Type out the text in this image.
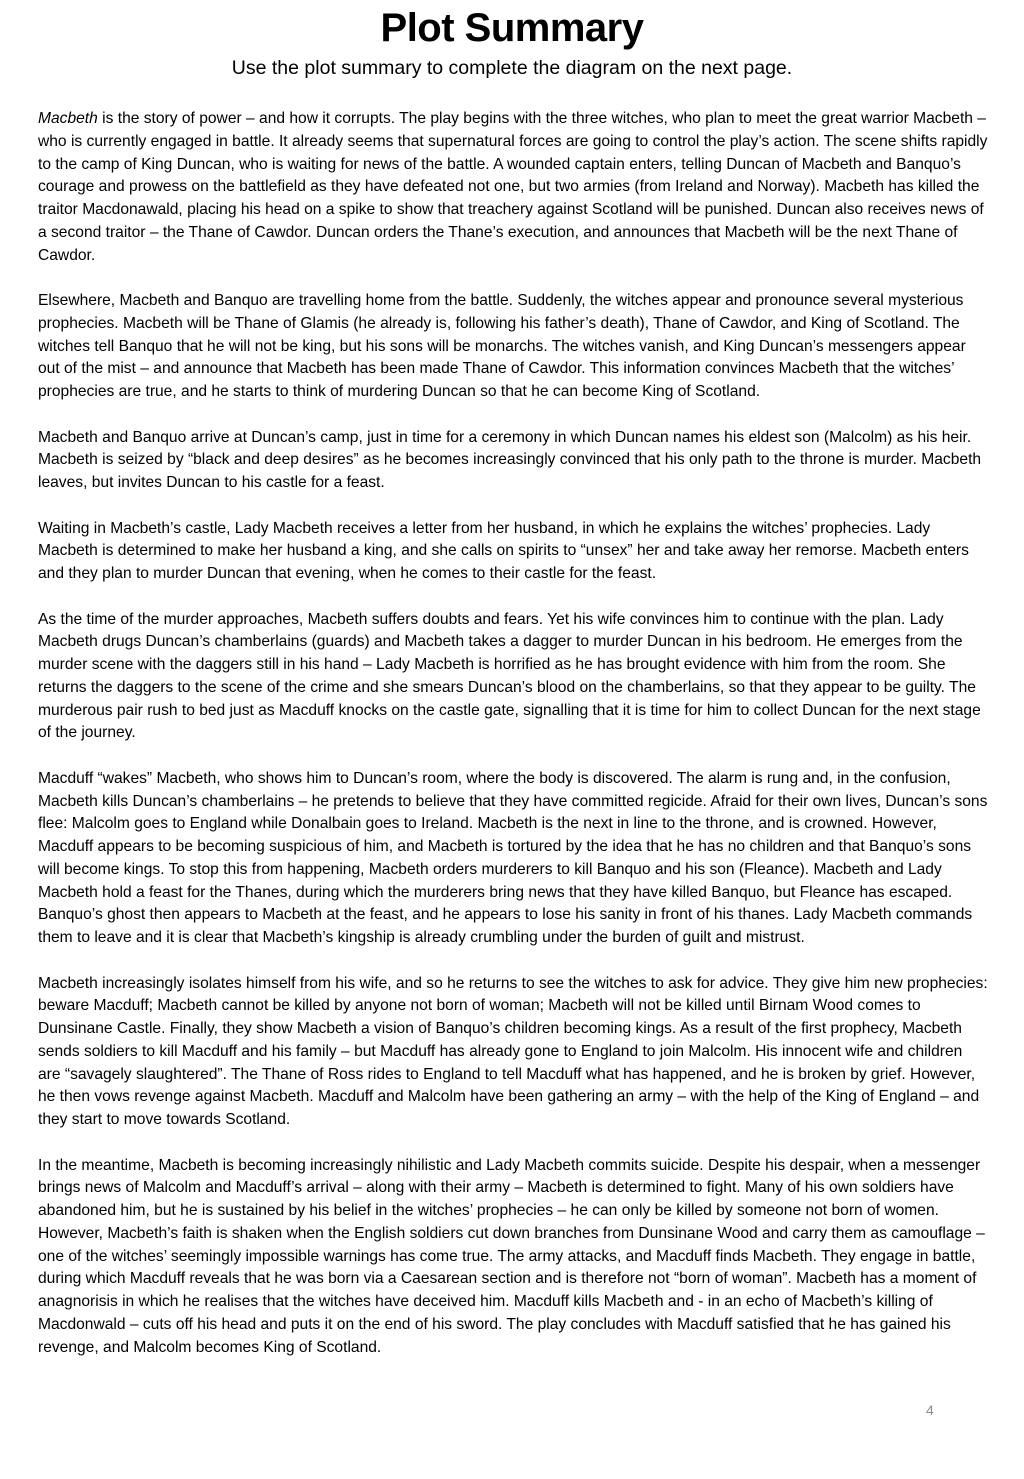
Plot Summary
Use the plot summary to complete the diagram on the next page.

Macbeth is the story of power – and how it corrupts. The play begins with the three witches, who plan to meet the great warrior Macbeth – who is currently engaged in battle. It already seems that supernatural forces are going to control the play’s action. The scene shifts rapidly to the camp of King Duncan, who is waiting for news of the battle. A wounded captain enters, telling Duncan of Macbeth and Banquo’s courage and prowess on the battlefield as they have defeated not one, but two armies (from Ireland and Norway). Macbeth has killed the traitor Macdonawald, placing his head on a spike to show that treachery against Scotland will be punished. Duncan also receives news of a second traitor – the Thane of Cawdor. Duncan orders the Thane’s execution, and announces that Macbeth will be the next Thane of Cawdor.

Elsewhere, Macbeth and Banquo are travelling home from the battle. Suddenly, the witches appear and pronounce several mysterious prophecies. Macbeth will be Thane of Glamis (he already is, following his father’s death), Thane of Cawdor, and King of Scotland. The witches tell Banquo that he will not be king, but his sons will be monarchs. The witches vanish, and King Duncan’s messengers appear out of the mist – and announce that Macbeth has been made Thane of Cawdor. This information convinces Macbeth that the witches’ prophecies are true, and he starts to think of murdering Duncan so that he can become King of Scotland.

Macbeth and Banquo arrive at Duncan’s camp, just in time for a ceremony in which Duncan names his eldest son (Malcolm) as his heir. Macbeth is seized by “black and deep desires” as he becomes increasingly convinced that his only path to the throne is murder. Macbeth leaves, but invites Duncan to his castle for a feast.

Waiting in Macbeth’s castle, Lady Macbeth receives a letter from her husband, in which he explains the witches’ prophecies. Lady Macbeth is determined to make her husband a king, and she calls on spirits to “unsex” her and take away her remorse. Macbeth enters and they plan to murder Duncan that evening, when he comes to their castle for the feast.

As the time of the murder approaches, Macbeth suffers doubts and fears. Yet his wife convinces him to continue with the plan. Lady Macbeth drugs Duncan’s chamberlains (guards) and Macbeth takes a dagger to murder Duncan in his bedroom. He emerges from the murder scene with the daggers still in his hand – Lady Macbeth is horrified as he has brought evidence with him from the room. She returns the daggers to the scene of the crime and she smears Duncan’s blood on the chamberlains, so that they appear to be guilty. The murderous pair rush to bed just as Macduff knocks on the castle gate, signalling that it is time for him to collect Duncan for the next stage of the journey.

Macduff “wakes” Macbeth, who shows him to Duncan’s room, where the body is discovered. The alarm is rung and, in the confusion, Macbeth kills Duncan’s chamberlains – he pretends to believe that they have committed regicide. Afraid for their own lives, Duncan’s sons flee: Malcolm goes to England while Donalbain goes to Ireland. Macbeth is the next in line to the throne, and is crowned. However, Macduff appears to be becoming suspicious of him, and Macbeth is tortured by the idea that he has no children and that Banquo’s sons will become kings. To stop this from happening, Macbeth orders murderers to kill Banquo and his son (Fleance). Macbeth and Lady Macbeth hold a feast for the Thanes, during which the murderers bring news that they have killed Banquo, but Fleance has escaped. Banquo’s ghost then appears to Macbeth at the feast, and he appears to lose his sanity in front of his thanes. Lady Macbeth commands them to leave and it is clear that Macbeth’s kingship is already crumbling under the burden of guilt and mistrust.

Macbeth increasingly isolates himself from his wife, and so he returns to see the witches to ask for advice. They give him new prophecies: beware Macduff; Macbeth cannot be killed by anyone not born of woman; Macbeth will not be killed until Birnam Wood comes to Dunsinane Castle. Finally, they show Macbeth a vision of Banquo’s children becoming kings. As a result of the first prophecy, Macbeth sends soldiers to kill Macduff and his family – but Macduff has already gone to England to join Malcolm. His innocent wife and children are “savagely slaughtered”. The Thane of Ross rides to England to tell Macduff what has happened, and he is broken by grief. However, he then vows revenge against Macbeth. Macduff and Malcolm have been gathering an army – with the help of the King of England – and they start to move towards Scotland.

In the meantime, Macbeth is becoming increasingly nihilistic and Lady Macbeth commits suicide. Despite his despair, when a messenger brings news of Malcolm and Macduff’s arrival – along with their army – Macbeth is determined to fight. Many of his own soldiers have abandoned him, but he is sustained by his belief in the witches’ prophecies – he can only be killed by someone not born of women. However, Macbeth’s faith is shaken when the English soldiers cut down branches from Dunsinane Wood and carry them as camouflage – one of the witches’ seemingly impossible warnings has come true. The army attacks, and Macduff finds Macbeth. They engage in battle, during which Macduff reveals that he was born via a Caesarean section and is therefore not “born of woman”. Macbeth has a moment of anagnorisis in which he realises that the witches have deceived him. Macduff kills Macbeth and - in an echo of Macbeth’s killing of Macdonwald – cuts off his head and puts it on the end of his sword. The play concludes with Macduff satisfied that he has gained his revenge, and Malcolm becomes King of Scotland.

4
